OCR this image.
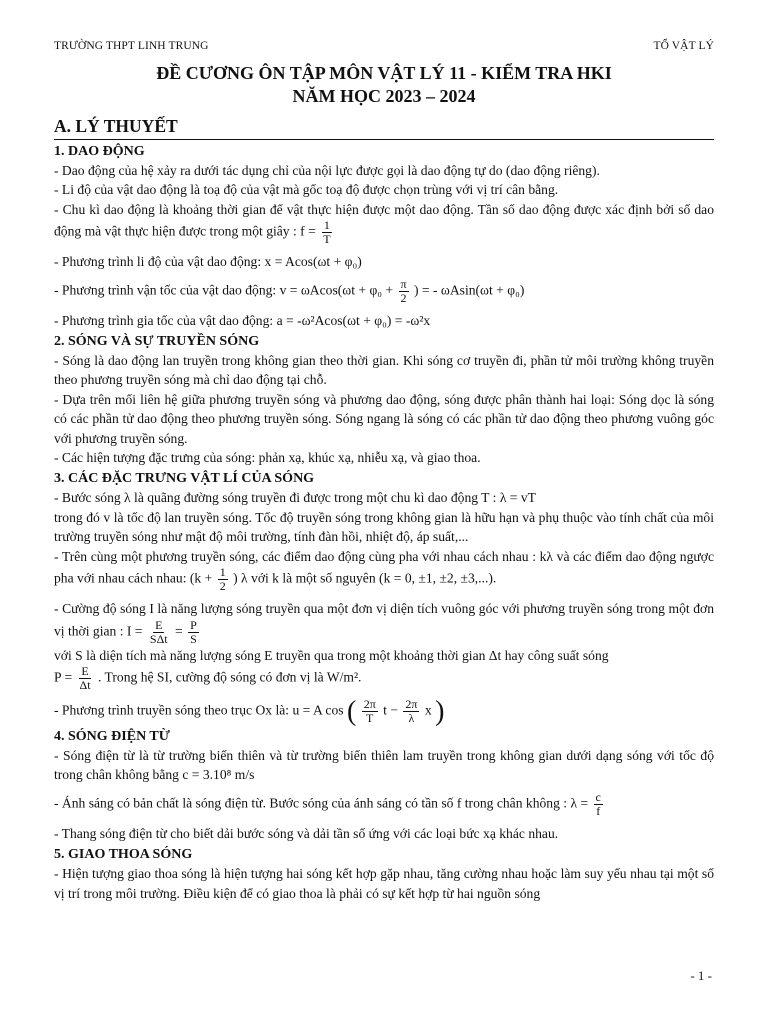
TRƯỜNG THPT LINH TRUNG	TỔ VẬT LÝ
ĐỀ CƯƠNG ÔN TẬP MÔN VẬT LÝ 11 - KIỂM TRA HKI
NĂM HỌC 2023 – 2024
A. LÝ THUYẾT
1. DAO ĐỘNG
- Dao động của hệ xảy ra dưới tác dụng chỉ của nội lực được gọi là dao động tự do (dao động riêng).
- Li độ của vật dao động là toạ độ của vật mà gốc toạ độ được chọn trùng với vị trí cân bằng.
- Chu kì dao động là khoảng thời gian để vật thực hiện được một dao động. Tần số dao động được xác định bởi số dao động mà vật thực hiện được trong một giây : $f = \frac{1}{T}$
- Phương trình li độ của vật dao động: x = Acos(ωt + φ₀)
- Phương trình vận tốc của vật dao động: $v = \omega Acos(\omega t + \varphi_0 + \frac{\pi}{2}$ ) = - ωAsin(ωt + φ₀)
- Phương trình gia tốc của vật dao động: a = -ω²Acos(ωt + φ₀) = -ω²x
2. SÓNG VÀ SỰ TRUYỀN SÓNG
- Sóng là dao động lan truyền trong không gian theo thời gian. Khi sóng cơ truyền đi, phần tử môi trường không truyền theo phương truyền sóng mà chỉ dao động tại chỗ.
- Dựa trên mối liên hệ giữa phương truyền sóng và phương dao động, sóng được phân thành hai loại: Sóng dọc là sóng có các phần tử dao động theo phương truyền sóng. Sóng ngang là sóng có các phần tử dao động theo phương vuông góc với phương truyền sóng.
- Các hiện tượng đặc trưng của sóng: phản xạ, khúc xạ, nhiễu xạ, và giao thoa.
3. CÁC ĐẶC TRƯNG VẬT LÍ CỦA SÓNG
- Bước sóng λ là quãng đường sóng truyền đi được trong một chu kì dao động T : λ = vT
trong đó v là tốc độ lan truyền sóng. Tốc độ truyền sóng trong không gian là hữu hạn và phụ thuộc vào tính chất của môi trường truyền sóng như mật độ môi trường, tính đàn hồi, nhiệt độ, áp suất,...
- Trên cùng một phương truyền sóng, các điểm dao động cùng pha với nhau cách nhau : kλ và các điểm dao động ngược pha với nhau cách nhau: ($k + \frac{1}{2}$ ) λ với k là một số nguyên (k = 0, ±1, ±2, ±3,...).
- Cường độ sóng I là năng lượng sóng truyền qua một đơn vị diện tích vuông góc với phương truyền sóng trong một đơn vị thời gian : $I = \frac{E}{\text{SΔt}} = \frac{P}{S}$
với S là diện tích mà năng lượng sóng E truyền qua trong một khoảng thời gian Δt hay công suất sóng
$P = \frac{E}{\Delta t}$ . Trong hệ SI, cường độ sóng có đơn vị là W/m².
- Phương trình truyền sóng theo trục Ox là: u = A cos ( $\frac{2\pi}{T}$ $t - \frac{2\pi}{\lambda}$ x )
4. SÓNG ĐIỆN TỪ
- Sóng điện từ là từ trường biến thiên và từ trường biến thiên lam truyền trong không gian dưới dạng sóng với tốc độ trong chân không bằng c = 3.10⁸ m/s
- Ánh sáng có bản chất là sóng điện từ. Bước sóng của ánh sáng có tần số f trong chân không : $\lambda = \frac{c}{f}$
- Thang sóng điện từ cho biết dải bước sóng và dải tần số ứng với các loại bức xạ khác nhau.
5. GIAO THOA SÓNG
- Hiện tượng giao thoa sóng là hiện tượng hai sóng kết hợp gặp nhau, tăng cường nhau hoặc làm suy yếu nhau tại một số vị trí trong môi trường. Điều kiện để có giao thoa là phải có sự kết hợp từ hai nguồn sóng
- 1 -
